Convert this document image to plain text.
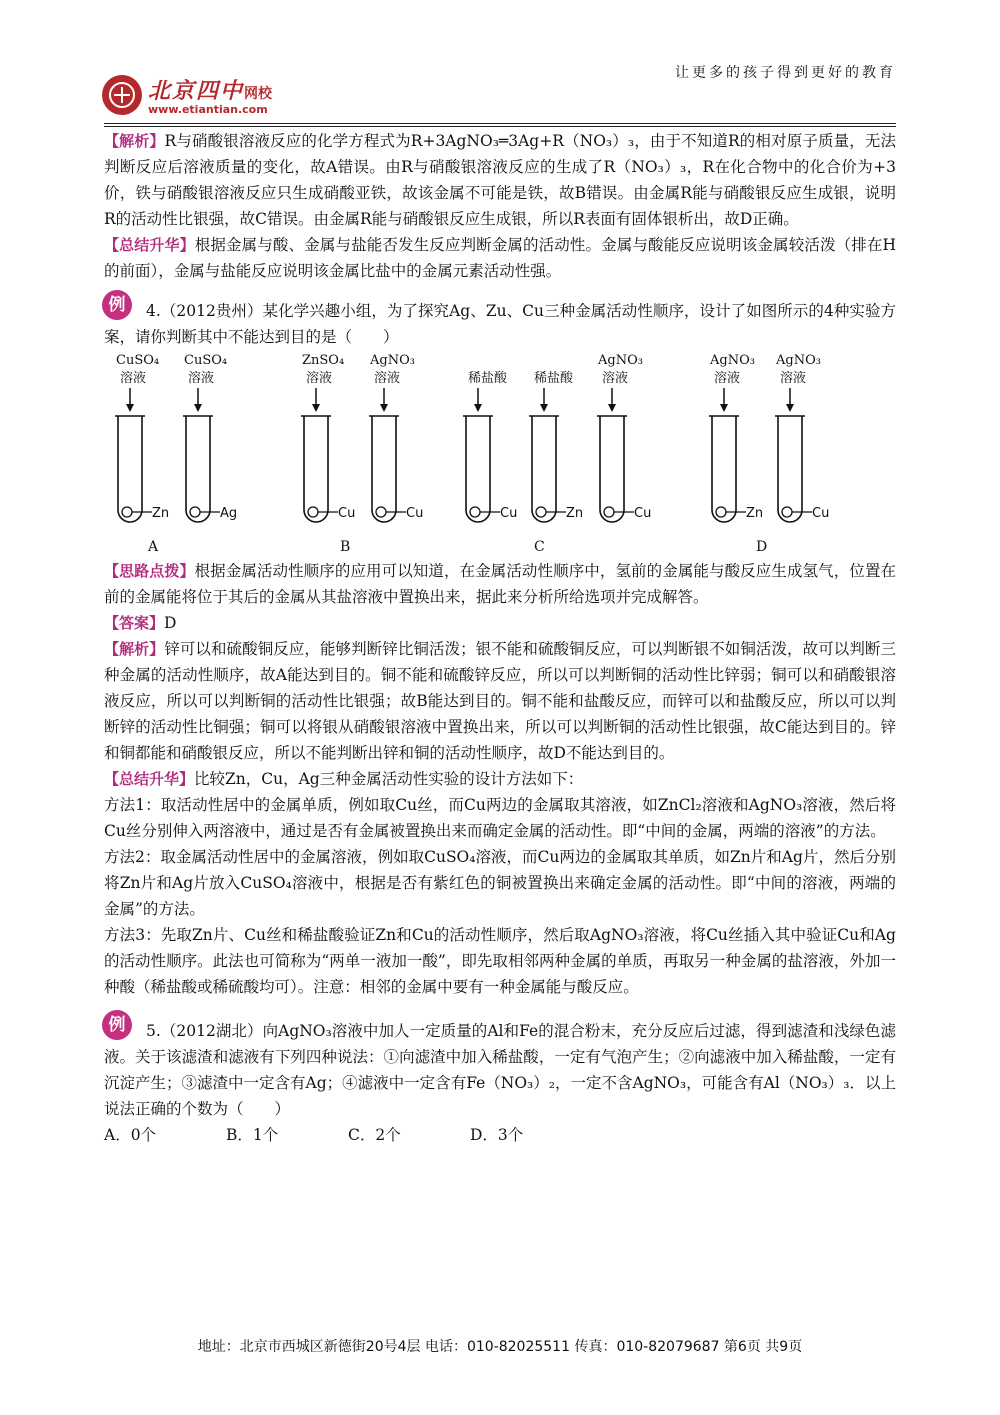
北京四中网校
www.etiantian.com
让更多的孩子得到更好的教育

【解析】R与硝酸银溶液反应的化学方程式为R+3AgNO₃═3Ag+R（NO₃）₃，由于不知道R的相对原子质量，无法判断反应后溶液质量的变化，故A错误。由R与硝酸银溶液反应的生成了R（NO₃）₃，R在化合物中的化合价为+3价，铁与硝酸银溶液反应只生成硝酸亚铁，故该金属不可能是铁，故B错误。由金属R能与硝酸银反应生成银，说明R的活动性比银强，故C错误。由金属R能与硝酸银反应生成银，所以R表面有固体银析出，故D正确。

【总结升华】根据金属与酸、金属与盐能否发生反应判断金属的活动性。金属与酸能反应说明该金属较活泼（排在H的前面），金属与盐能反应说明该金属比盐中的金属元素活动性强。

例	4.（2012贵州）某化学兴趣小组，为了探究Ag、Zu、Cu三种金属活动性顺序，设计了如图所示的4种实验方案，请你判断其中不能达到目的是（　　）

CuSO₄
溶液
Zn
CuSO₄
溶液
Ag
ZnSO₄
溶液
Cu
AgNO₃
溶液
Cu
稀盐酸
Cu
稀盐酸
Zn
AgNO₃
溶液
Cu
AgNO₃
溶液
Zn
AgNO₃
溶液
Cu
A	B	C	D

【思路点拨】根据金属活动性顺序的应用可以知道，在金属活动性顺序中，氢前的金属能与酸反应生成氢气，位置在前的金属能将位于其后的金属从其盐溶液中置换出来，据此来分析所给选项并完成解答。

【答案】D

【解析】锌可以和硫酸铜反应，能够判断锌比铜活泼；银不能和硫酸铜反应，可以判断银不如铜活泼，故可以判断三种金属的活动性顺序，故A能达到目的。铜不能和硫酸锌反应，所以可以判断铜的活动性比锌弱；铜可以和硝酸银溶液反应，所以可以判断铜的活动性比银强；故B能达到目的。铜不能和盐酸反应，而锌可以和盐酸反应，所以可以判断锌的活动性比铜强；铜可以将银从硝酸银溶液中置换出来，所以可以判断铜的活动性比银强，故C能达到目的。锌和铜都能和硝酸银反应，所以不能判断出锌和铜的活动性顺序，故D不能达到目的。

【总结升华】比较Zn，Cu，Ag三种金属活动性实验的设计方法如下：

方法1：取活动性居中的金属单质，例如取Cu丝，而Cu两边的金属取其溶液，如ZnCl₂溶液和AgNO₃溶液，然后将Cu丝分别伸入两溶液中，通过是否有金属被置换出来而确定金属的活动性。即“中间的金属，两端的溶液”的方法。

方法2：取金属活动性居中的金属溶液，例如取CuSO₄溶液，而Cu两边的金属取其单质，如Zn片和Ag片，然后分别将Zn片和Ag片放入CuSO₄溶液中，根据是否有紫红色的铜被置换出来确定金属的活动性。即“中间的溶液，两端的金属”的方法。

方法3：先取Zn片、Cu丝和稀盐酸验证Zn和Cu的活动性顺序，然后取AgNO₃溶液，将Cu丝插入其中验证Cu和Ag的活动性顺序。此法也可简称为“两单一液加一酸”，即先取相邻两种金属的单质，再取另一种金属的盐溶液，外加一种酸（稀盐酸或稀硫酸均可）。注意：相邻的金属中要有一种金属能与酸反应。

例	5.（2012湖北）向AgNO₃溶液中加人一定质量的Al和Fe的混合粉末，充分反应后过滤，得到滤渣和浅绿色滤液。关于该滤渣和滤液有下列四种说法：①向滤渣中加入稀盐酸，一定有气泡产生；②向滤液中加入稀盐酸，一定有沉淀产生；③滤渣中一定含有Ag；④滤液中一定含有Fe（NO₃）₂，一定不含AgNO₃，可能含有Al（NO₃）₃．以上说法正确的个数为（　　）

A．0个	B．1个	C．2个	D．3个

地址：北京市西城区新德街20号4层 电话：010-82025511 传真：010-82079687 第6页 共9页
